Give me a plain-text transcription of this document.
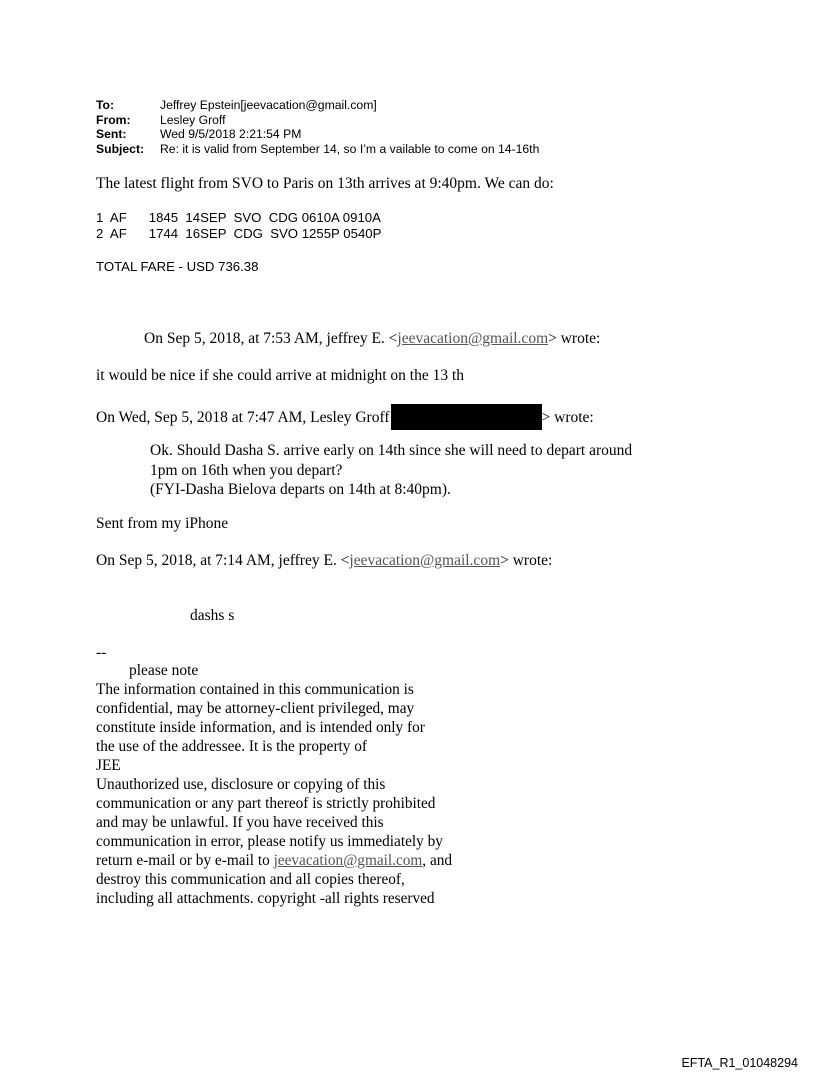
To:	Jeffrey Epstein[jeevacation@gmail.com]
From:	Lesley Groff
Sent:	Wed 9/5/2018 2:21:54 PM
Subject:	Re: it is valid from September 14, so I’m a vailable to come on 14-16th
The latest flight from SVO to Paris on 13th arrives at 9:40pm. We can do:
1  AF      1845  14SEP  SVO  CDG 0610A 0910A
2  AF      1744  16SEP  CDG  SVO 1255P 0540P
TOTAL FARE - USD 736.38
On Sep 5, 2018, at 7:53 AM, jeffrey E. <jeevacation@gmail.com> wrote:
it would be nice if she could arrive at midnight on the 13 th
On Wed, Sep 5, 2018 at 7:47 AM, Lesley Groff	> wrote:
Ok. Should Dasha S. arrive early on 14th since she will need to depart around
1pm on 16th when you depart?
(FYI-Dasha Bielova departs on 14th at 8:40pm).
Sent from my iPhone
On Sep 5, 2018, at 7:14 AM, jeffrey E. <jeevacation@gmail.com> wrote:
dashs s
--
please note
The information contained in this communication is
confidential, may be attorney-client privileged, may
constitute inside information, and is intended only for
the use of the addressee. It is the property of
JEE
Unauthorized use, disclosure or copying of this
communication or any part thereof is strictly prohibited
and may be unlawful. If you have received this
communication in error, please notify us immediately by
return e-mail or by e-mail to jeevacation@gmail.com, and
destroy this communication and all copies thereof,
including all attachments. copyright -all rights reserved
EFTA_R1_01048294
